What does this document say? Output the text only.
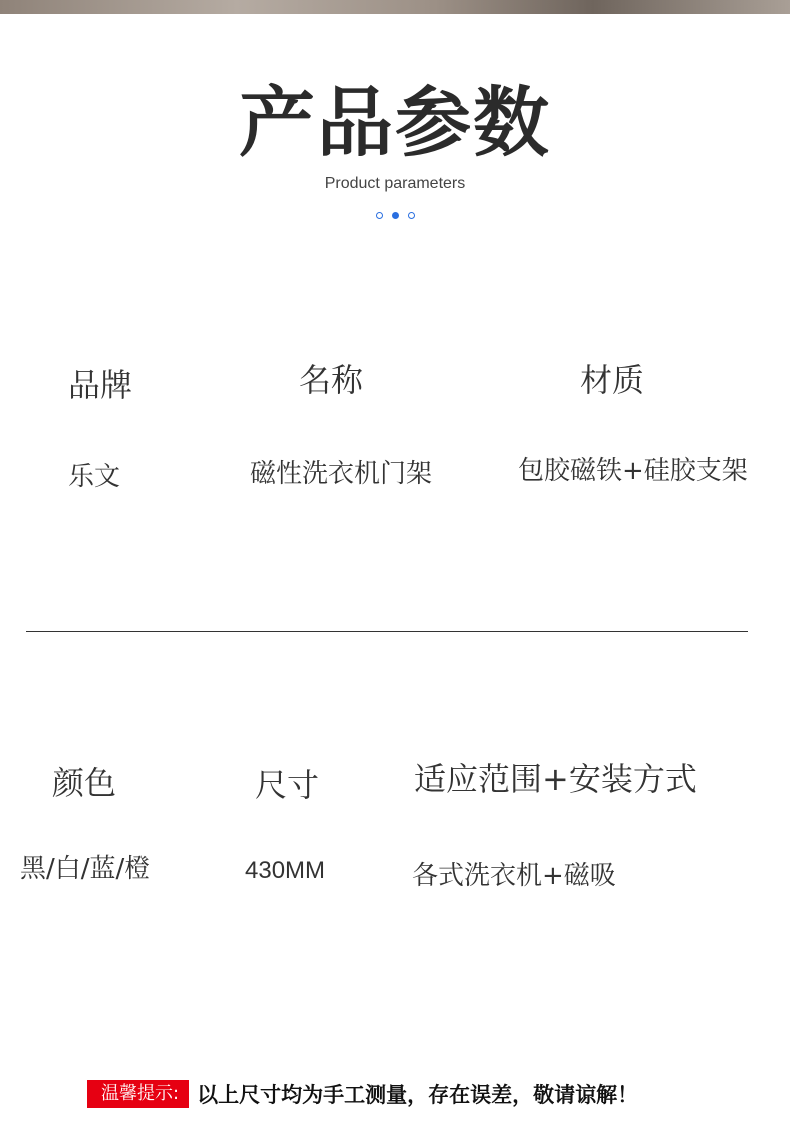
产品参数
Product parameters
品牌	名称	材质
乐文	磁性洗衣机门架	包胶磁铁+硅胶支架
颜色	尺寸	适应范围+安装方式
黑/白/蓝/橙	430MM	各式洗衣机+磁吸
温馨提示: 以上尺寸均为手工测量，存在误差，敬请谅解！
